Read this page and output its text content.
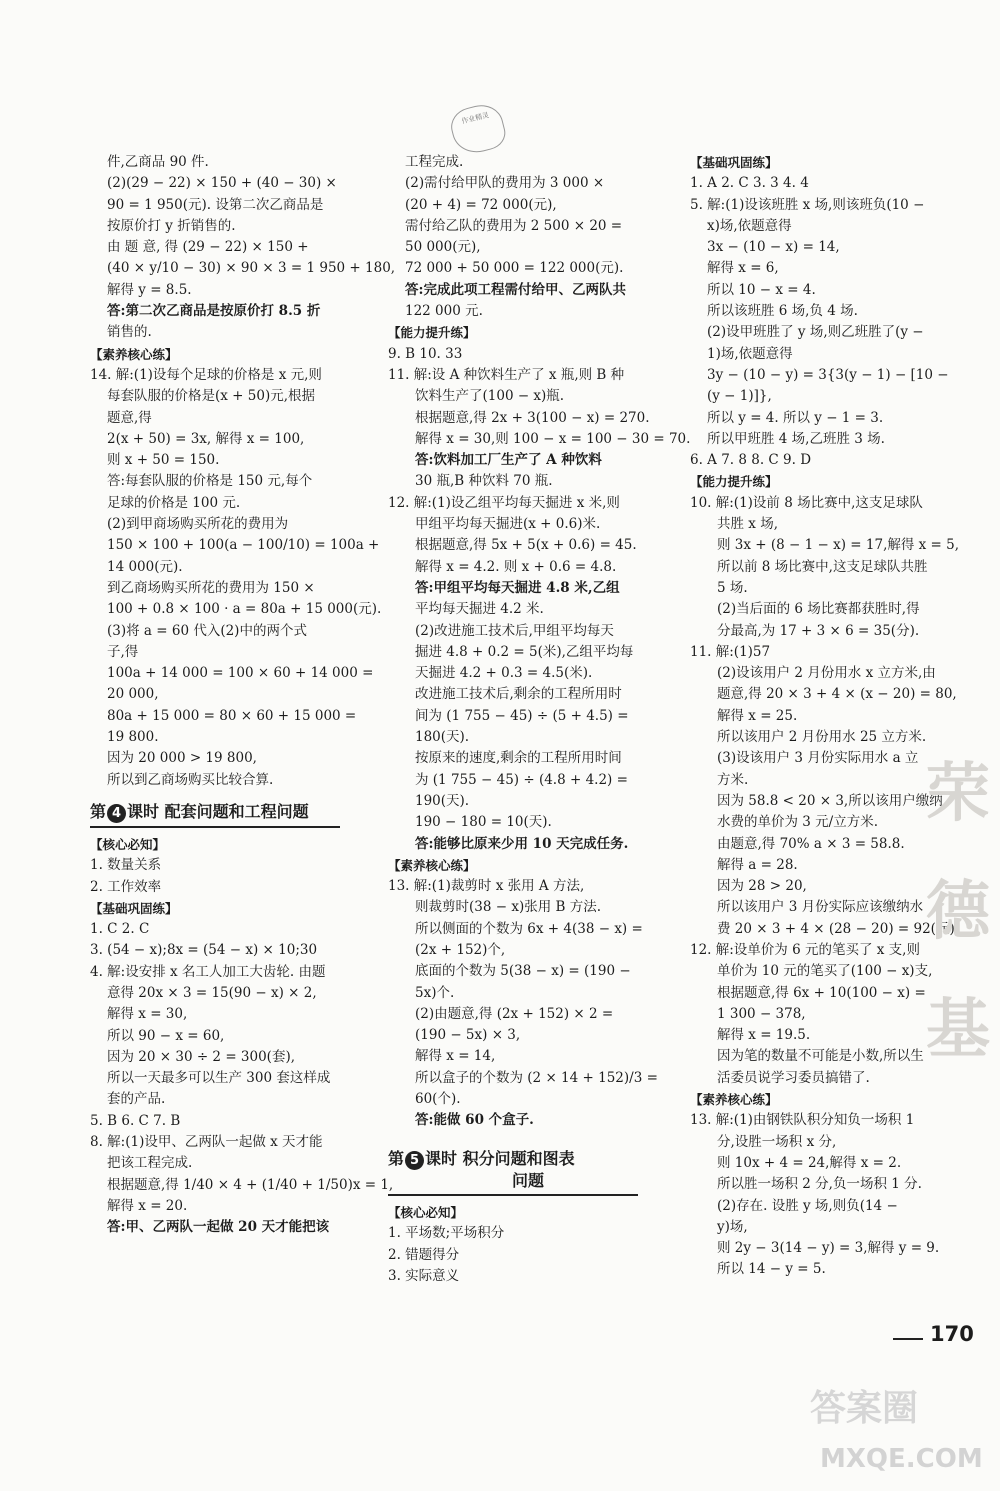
作业精灵
件,乙商品 90 件.
(2)(29 − 22) × 150 + (40 − 30) ×
90 = 1 950(元). 设第二次乙商品是
按原价打 y 折销售的.
由 题 意, 得 (29 − 22) × 150 +
(40 × y/10 − 30) × 90 × 3 = 1 950 + 180,
解得 y = 8.5.
答:第二次乙商品是按原价打 8.5 折
销售的.
【素养核心练】
14. 解:(1)设每个足球的价格是 x 元,则
每套队服的价格是(x + 50)元,根据
题意,得
2(x + 50) = 3x, 解得 x = 100,
则 x + 50 = 150.
答:每套队服的价格是 150 元,每个
足球的价格是 100 元.
(2)到甲商场购买所花的费用为
150 × 100 + 100(a − 100/10) = 100a +
14 000(元).
到乙商场购买所花的费用为 150 ×
100 + 0.8 × 100 · a = 80a + 15 000(元).
(3)将 a = 60 代入(2)中的两个式
子,得
100a + 14 000 = 100 × 60 + 14 000 =
20 000,
80a + 15 000 = 80 × 60 + 15 000 =
19 800.
因为 20 000 > 19 800,
所以到乙商场购买比较合算.
第 4 课时 配套问题和工程问题
【核心必知】
1. 数量关系
2. 工作效率
【基础巩固练】
1. C 2. C
3. (54 − x);8x = (54 − x) × 10;30
4. 解:设安排 x 名工人加工大齿轮. 由题
意得 20x × 3 = 15(90 − x) × 2,
解得 x = 30,
所以 90 − x = 60,
因为 20 × 30 ÷ 2 = 300(套),
所以一天最多可以生产 300 套这样成
套的产品.
5. B 6. C 7. B
8. 解:(1)设甲、乙两队一起做 x 天才能
把该工程完成.
根据题意,得 1/40 × 4 + (1/40 + 1/50)x = 1,
解得 x = 20.
答:甲、乙两队一起做 20 天才能把该
工程完成.
(2)需付给甲队的费用为 3 000 ×
(20 + 4) = 72 000(元),
需付给乙队的费用为 2 500 × 20 =
50 000(元),
72 000 + 50 000 = 122 000(元).
答:完成此项工程需付给甲、乙两队共
122 000 元.
【能力提升练】
9. B 10. 33
11. 解:设 A 种饮料生产了 x 瓶,则 B 种
饮料生产了(100 − x)瓶.
根据题意,得 2x + 3(100 − x) = 270.
解得 x = 30,则 100 − x = 100 − 30 = 70.
答:饮料加工厂生产了 A 种饮料
30 瓶,B 种饮料 70 瓶.
12. 解:(1)设乙组平均每天掘进 x 米,则
甲组平均每天掘进(x + 0.6)米.
根据题意,得 5x + 5(x + 0.6) = 45.
解得 x = 4.2. 则 x + 0.6 = 4.8.
答:甲组平均每天掘进 4.8 米,乙组
平均每天掘进 4.2 米.
(2)改进施工技术后,甲组平均每天
掘进 4.8 + 0.2 = 5(米),乙组平均每
天掘进 4.2 + 0.3 = 4.5(米).
改进施工技术后,剩余的工程所用时
间为 (1 755 − 45) ÷ (5 + 4.5) =
180(天).
按原来的速度,剩余的工程所用时间
为 (1 755 − 45) ÷ (4.8 + 4.2) =
190(天).
190 − 180 = 10(天).
答:能够比原来少用 10 天完成任务.
【素养核心练】
13. 解:(1)裁剪时 x 张用 A 方法,
则裁剪时(38 − x)张用 B 方法.
所以侧面的个数为 6x + 4(38 − x) =
(2x + 152)个,
底面的个数为 5(38 − x) = (190 −
5x)个.
(2)由题意,得 (2x + 152) × 2 =
(190 − 5x) × 3,
解得 x = 14,
所以盒子的个数为 (2 × 14 + 152)/3 =
60(个).
答:能做 60 个盒子.
第 5 课时 积分问题和图表
问题
【核心必知】
1. 平场数;平场积分
2. 错题得分
3. 实际意义
【基础巩固练】
1. A 2. C 3. 3 4. 4
5. 解:(1)设该班胜 x 场,则该班负(10 −
x)场,依题意得
3x − (10 − x) = 14,
解得 x = 6,
所以 10 − x = 4.
所以该班胜 6 场,负 4 场.
(2)设甲班胜了 y 场,则乙班胜了(y −
1)场,依题意得
3y − (10 − y) = 3{3(y − 1) − [10 −
(y − 1)]},
所以 y = 4. 所以 y − 1 = 3.
所以甲班胜 4 场,乙班胜 3 场.
6. A 7. 8 8. C 9. D
【能力提升练】
10. 解:(1)设前 8 场比赛中,这支足球队
共胜 x 场,
则 3x + (8 − 1 − x) = 17,解得 x = 5,
所以前 8 场比赛中,这支足球队共胜
5 场.
(2)当后面的 6 场比赛都获胜时,得
分最高,为 17 + 3 × 6 = 35(分).
11. 解:(1)57
(2)设该用户 2 月份用水 x 立方米,由
题意,得 20 × 3 + 4 × (x − 20) = 80,
解得 x = 25.
所以该用户 2 月份用水 25 立方米.
(3)设该用户 3 月份实际用水 a 立
方米.
因为 58.8 < 20 × 3,所以该用户缴纳
水费的单价为 3 元/立方米.
由题意,得 70% a × 3 = 58.8.
解得 a = 28.
因为 28 > 20,
所以该用户 3 月份实际应该缴纳水
费 20 × 3 + 4 × (28 − 20) = 92(元).
12. 解:设单价为 6 元的笔买了 x 支,则
单价为 10 元的笔买了(100 − x)支,
根据题意,得 6x + 10(100 − x) =
1 300 − 378,
解得 x = 19.5.
因为笔的数量不可能是小数,所以生
活委员说学习委员搞错了.
【素养核心练】
13. 解:(1)由钢铁队积分知负一场积 1
分,设胜一场积 x 分,
则 10x + 4 = 24,解得 x = 2.
所以胜一场积 2 分,负一场积 1 分.
(2)存在. 设胜 y 场,则负(14 −
y)场,
则 2y − 3(14 − y) = 3,解得 y = 9.
所以 14 − y = 5.
170
荣德基
答案圈
MXQE.COM
